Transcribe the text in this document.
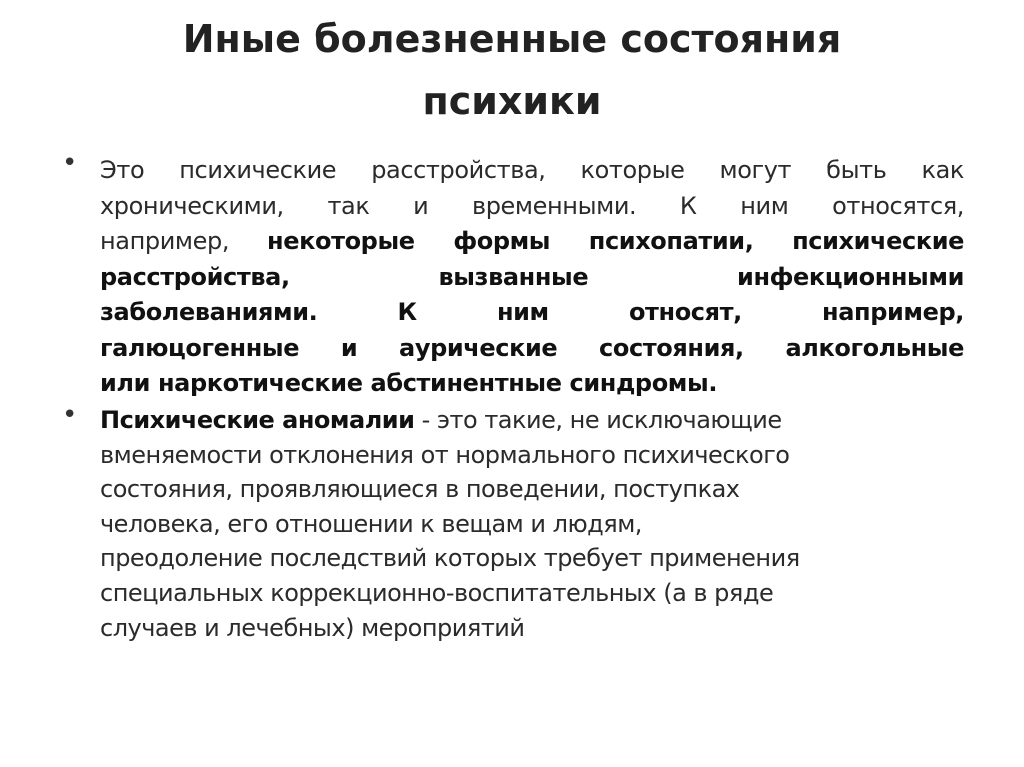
Иные болезненные состояния
психики
• Это психические расстройства, которые могут быть как
хроническими, так и временными. К ним относятся,
например, некоторые формы психопатии, психические
расстройства, вызванные инфекционными
заболеваниями. К ним относят, например,
галюцогенные и аурические состояния, алкогольные
или наркотические абстинентные синдромы.
• Психические аномалии - это такие, не исключающие
вменяемости отклонения от нормального психического
состояния, проявляющиеся в поведении, поступках
человека, его отношении к вещам и людям,
преодоление последствий которых требует применения
специальных коррекционно-воспитательных (а в ряде
случаев и лечебных) мероприятий
